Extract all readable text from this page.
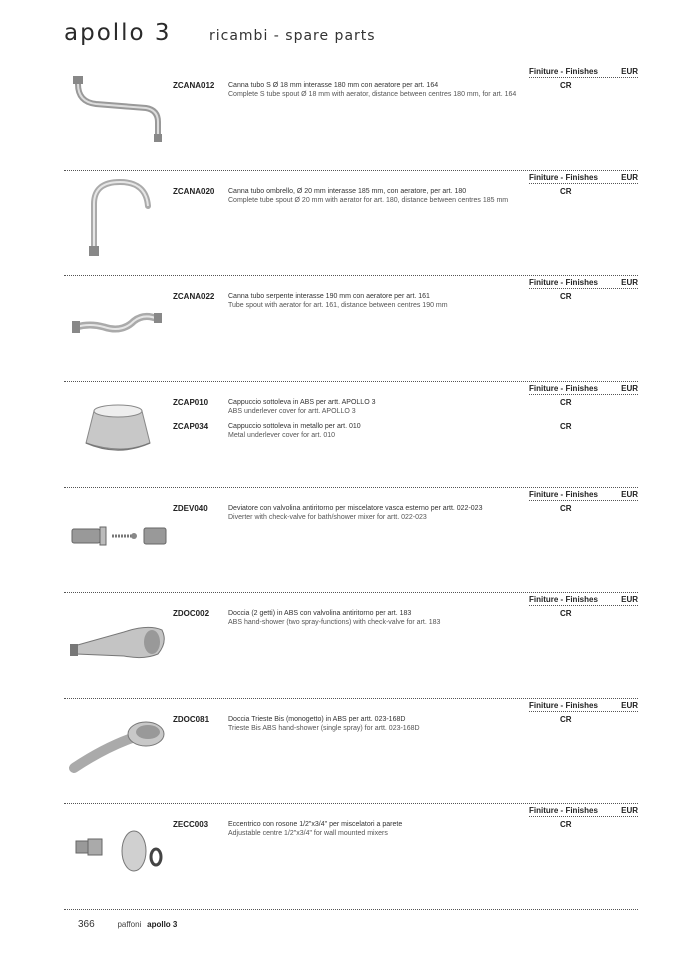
apollo 3	ricambi - spare parts
Finiture - Finishes	EUR
ZCANA012 Canna tubo S Ø 18 mm interasse 180 mm con aeratore per art. 164
Complete S tube spout Ø 18 mm with aerator, distance between centres 180 mm, for art. 164
CR
Finiture - Finishes	EUR
ZCANA020 Canna tubo ombrello, Ø 20 mm interasse 185 mm, con aeratore, per art. 180
Complete tube spout Ø 20 mm with aerator for art. 180, distance between centres 185 mm
CR
Finiture - Finishes	EUR
ZCANA022 Canna tubo serpente interasse 190 mm con aeratore per art. 161
Tube spout with aerator for art. 161, distance between centres 190 mm
CR
Finiture - Finishes	EUR
ZCAP010	Cappuccio sottoleva in ABS per artt. APOLLO 3
ABS underlever cover for artt. APOLLO 3
CR
ZCAP034	Cappuccio sottoleva in metallo per art. 010
Metal underlever cover for art. 010
CR
Finiture - Finishes	EUR
ZDEV040	Deviatore con valvolina antiritorno per miscelatore vasca esterno per artt. 022-023
Diverter with check-valve for bath/shower mixer for artt. 022-023
CR
Finiture - Finishes	EUR
ZDOC002	Doccia (2 getti) in ABS con valvolina antiritorno per art. 183
ABS hand-shower (two spray-functions) with check-valve for art. 183
CR
Finiture - Finishes	EUR
ZDOC081	Doccia Trieste Bis (monogetto) in ABS per artt. 023-168D
Trieste Bis ABS hand-shower (single spray) for artt. 023-168D
CR
Finiture - Finishes	EUR
ZECC003	Eccentrico con rosone 1/2"x3/4" per miscelatori a parete
Adjustable centre 1/2"x3/4" for wall mounted mixers
CR
366	paffoni apollo 3
